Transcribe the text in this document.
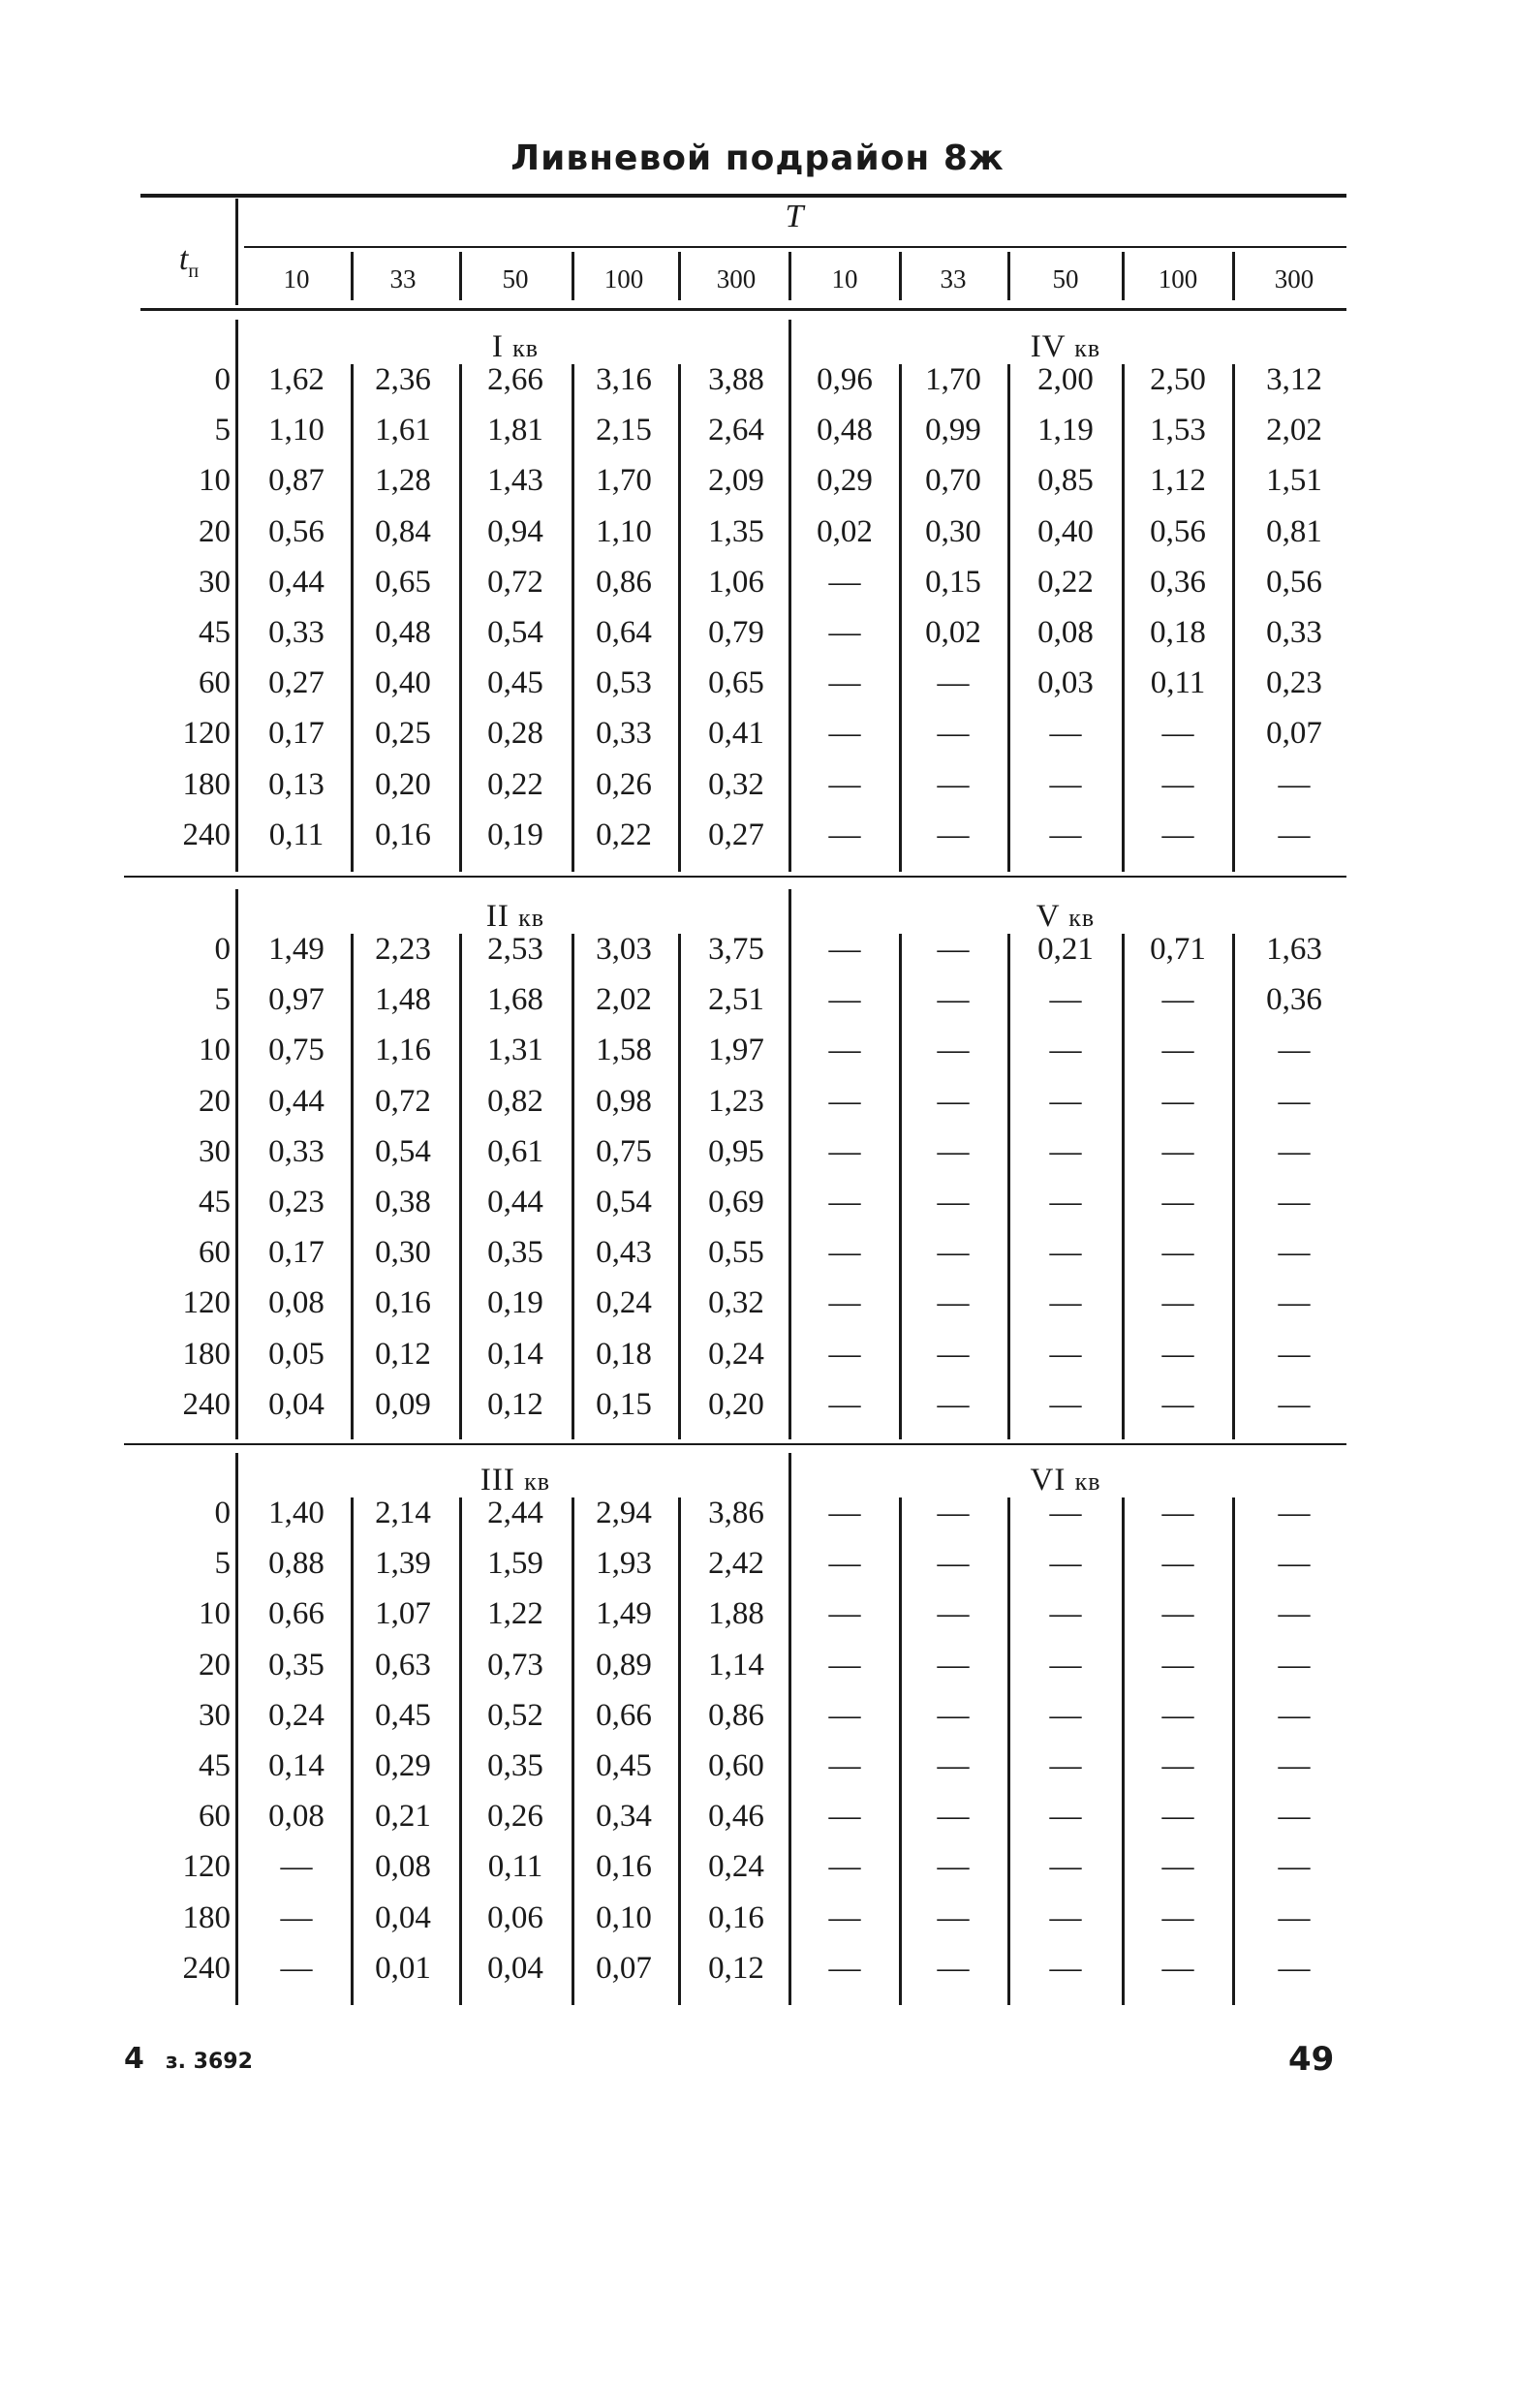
Ливневой подрайон 8ж
$t_п$
T
10	33	50	100	300	10	33	50	100	300
I кв	IV кв
0	1,62	2,36	2,66	3,16	3,88	0,96	1,70	2,00	2,50	3,12
5	1,10	1,61	1,81	2,15	2,64	0,48	0,99	1,19	1,53	2,02
10	0,87	1,28	1,43	1,70	2,09	0,29	0,70	0,85	1,12	1,51
20	0,56	0,84	0,94	1,10	1,35	0,02	0,30	0,40	0,56	0,81
30	0,44	0,65	0,72	0,86	1,06	—	0,15	0,22	0,36	0,56
45	0,33	0,48	0,54	0,64	0,79	—	0,02	0,08	0,18	0,33
60	0,27	0,40	0,45	0,53	0,65	—	—	0,03	0,11	0,23
120	0,17	0,25	0,28	0,33	0,41	—	—	—	—	0,07
180	0,13	0,20	0,22	0,26	0,32	—	—	—	—	—
240	0,11	0,16	0,19	0,22	0,27	—	—	—	—	—
II кв	V кв
0	1,49	2,23	2,53	3,03	3,75	—	—	0,21	0,71	1,63
5	0,97	1,48	1,68	2,02	2,51	—	—	—	—	0,36
10	0,75	1,16	1,31	1,58	1,97	—	—	—	—	—
20	0,44	0,72	0,82	0,98	1,23	—	—	—	—	—
30	0,33	0,54	0,61	0,75	0,95	—	—	—	—	—
45	0,23	0,38	0,44	0,54	0,69	—	—	—	—	—
60	0,17	0,30	0,35	0,43	0,55	—	—	—	—	—
120	0,08	0,16	0,19	0,24	0,32	—	—	—	—	—
180	0,05	0,12	0,14	0,18	0,24	—	—	—	—	—
240	0,04	0,09	0,12	0,15	0,20	—	—	—	—	—
III кв	VI кв
0	1,40	2,14	2,44	2,94	3,86	—	—	—	—	—
5	0,88	1,39	1,59	1,93	2,42	—	—	—	—	—
10	0,66	1,07	1,22	1,49	1,88	—	—	—	—	—
20	0,35	0,63	0,73	0,89	1,14	—	—	—	—	—
30	0,24	0,45	0,52	0,66	0,86	—	—	—	—	—
45	0,14	0,29	0,35	0,45	0,60	—	—	—	—	—
60	0,08	0,21	0,26	0,34	0,46	—	—	—	—	—
120	—	0,08	0,11	0,16	0,24	—	—	—	—	—
180	—	0,04	0,06	0,10	0,16	—	—	—	—	—
240	—	0,01	0,04	0,07	0,12	—	—	—	—	—
4 з. 3692	49
